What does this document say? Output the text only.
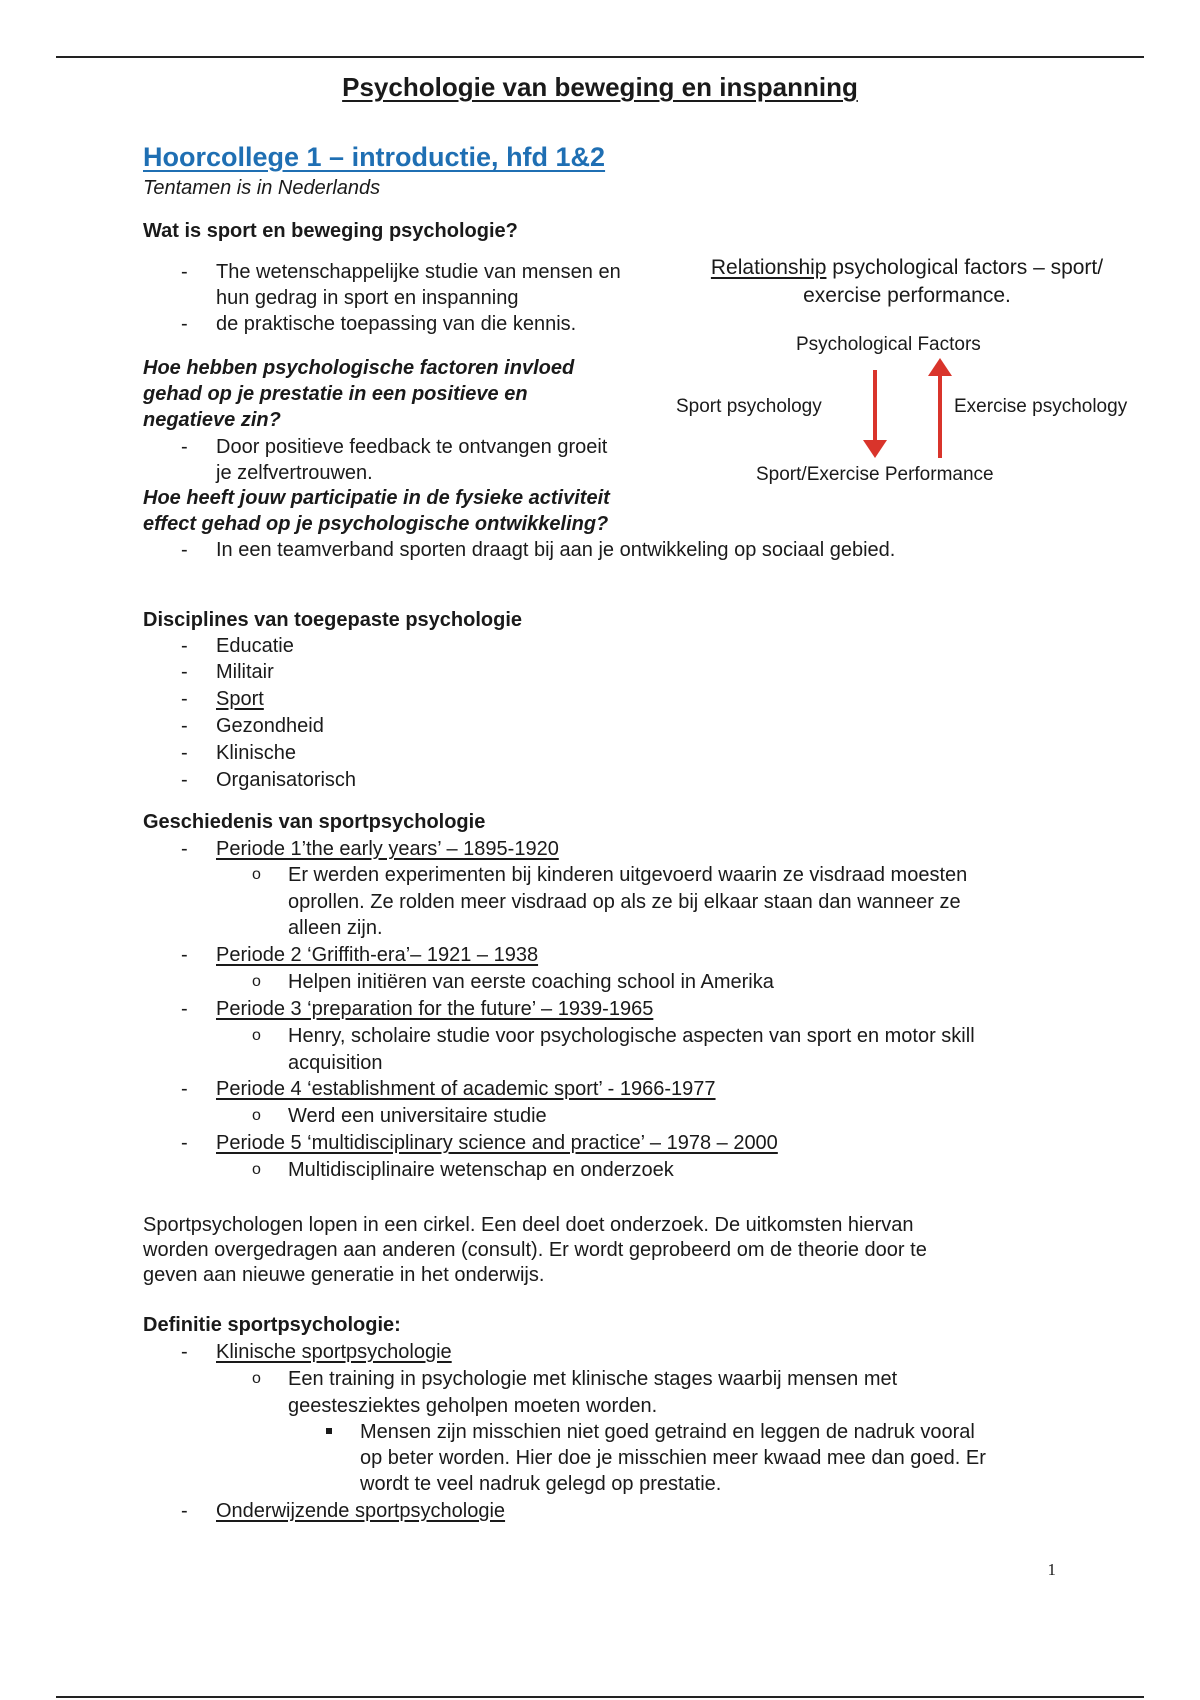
Psychologie van beweging en inspanning
Hoorcollege 1 – introductie, hfd 1&2
Tentamen is in Nederlands
Wat is sport en beweging psychologie?
- The wetenschappelijke studie van mensen en
hun gedrag in sport en inspanning
- de praktische toepassing van die kennis.
Hoe hebben psychologische factoren invloed
gehad op je prestatie in een positieve en
negatieve zin?
- Door positieve feedback te ontvangen groeit
je zelfvertrouwen.
Hoe heeft jouw participatie in de fysieke activiteit
effect gehad op je psychologische ontwikkeling?
- In een teamverband sporten draagt bij aan je ontwikkeling op sociaal gebied.
Relationship psychological factors – sport/
exercise performance.
Psychological Factors
Sport psychology	Exercise psychology
Sport/Exercise Performance
Disciplines van toegepaste psychologie
- Educatie
- Militair
- Sport
- Gezondheid
- Klinische
- Organisatorisch
Geschiedenis van sportpsychologie
- Periode 1’the early years’ – 1895-1920
o Er werden experimenten bij kinderen uitgevoerd waarin ze visdraad moesten
oprollen. Ze rolden meer visdraad op als ze bij elkaar staan dan wanneer ze
alleen zijn.
- Periode 2 ‘Griffith-era’– 1921 – 1938
o Helpen initiëren van eerste coaching school in Amerika
- Periode 3 ‘preparation for the future’ – 1939-1965
o Henry, scholaire studie voor psychologische aspecten van sport en motor skill
acquisition
- Periode 4 ‘establishment of academic sport’ - 1966-1977
o Werd een universitaire studie
- Periode 5 ‘multidisciplinary science and practice’ – 1978 – 2000
o Multidisciplinaire wetenschap en onderzoek
Sportpsychologen lopen in een cirkel. Een deel doet onderzoek. De uitkomsten hiervan
worden overgedragen aan anderen (consult). Er wordt geprobeerd om de theorie door te
geven aan nieuwe generatie in het onderwijs.
Definitie sportpsychologie:
- Klinische sportpsychologie
o Een training in psychologie met klinische stages waarbij mensen met
geestesziektes geholpen moeten worden.
Mensen zijn misschien niet goed getraind en leggen de nadruk vooral
op beter worden. Hier doe je misschien meer kwaad mee dan goed. Er
wordt te veel nadruk gelegd op prestatie.
- Onderwijzende sportpsychologie
1
